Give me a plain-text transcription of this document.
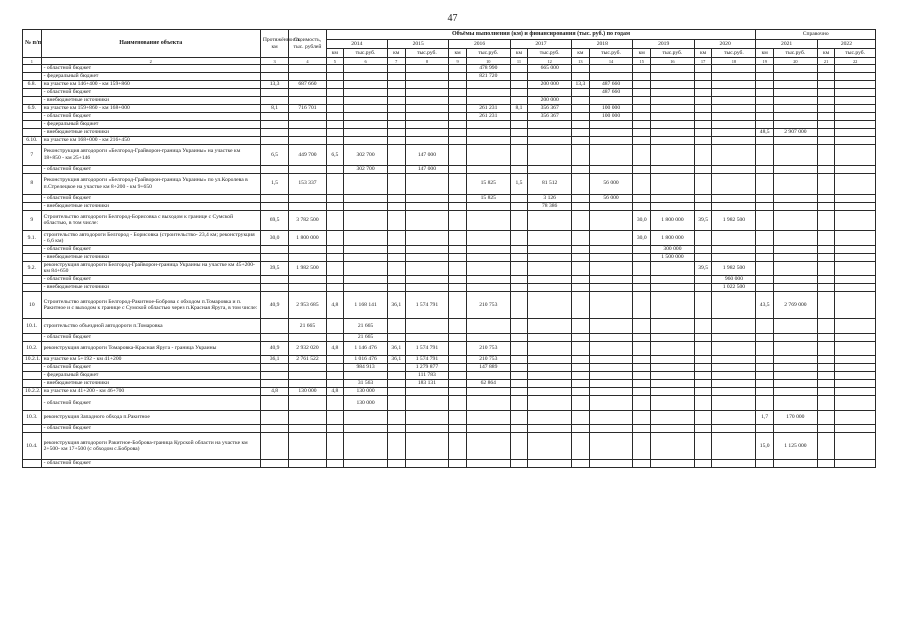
47
№ п/п	Наименование объекта	Протяжённость, км	Стоимость, тыс. рублей	Объёмы выполнения (км) и финансирования (тыс. руб.) по годам														Справочно			
				2014		2015		2016		2017		2018		2019		2020		2021		2022	
				км	тыс.руб.	км	тыс.руб.	км	тыс.руб.	км	тыс.руб.	км	тыс.руб.	км	тыс.руб.	км	тыс.руб.	км	тыс.руб.	км	тыс.руб.
1	2	3	4	5	6	7	8	9	10	11	12	13	14	15	16	17	18	19	20	21	22
	- областной бюджет								478 990		665 000										
	- федеральный бюджет								821 720												
6.8.	на участке км 146+400 - км 159+860	13,3	687 660								200 000	13,3	487 660								
	- областной бюджет												487 660								
	- внебюджетные источники										200 000										
6.9.	на участке км 159+860 - км 168+000	8,1	716 701						261 231	8,1	356 367		100 000								
	- областной бюджет								261 231		356 367		100 000								
	- федеральный бюджет																				
	- внебюджетные источники																	48,5	2 907 000		
6.10.	на участке км 168+000 - км 216+450																				
7	Реконструкция автодороги «Белгород-Грайворон-граница Украины» на участке км 18+850 - км 25+146	6,5	449 700	6,5	302 700		147 000														
	- областной бюджет				302 700		147 000														
8	Реконструкция автодороги «Белгород-Грайворон-граница Украины» по ул.Королева в п.Стрелецкое на участке км 8+200 - км 9+650	1,5	153 337						15 825	1,5	81 512		56 000								
	- областной бюджет								15 825		3 126		56 000								
	- внебюджетные источники										78 386										
9	Строительство автодороги Белгород-Борисовка с выходом к границе с Сумской областью, в том числе:	69,5	3 782 500											30,0	1 800 000	39,5	1 982 500				
9.1.	строительство автодороги Белгород - Борисовка (строительство- 23,4 км; реконструкция - 6,6 км)	30,0	1 800 000											30,0	1 800 000						
	- областной бюджет														300 000						
	- внебюджетные источники														1 500 000						
9.2.	реконструкция автодороги Белгород-Грайворон-граница Украины на участке км 45+200- км 84+650	39,5	1 982 500													39,5	1 982 500				
	- областной бюджет																960 000				
	- внебюджетные источники																1 022 500				
10	Строительство автодороги Белгород-Ракитное-Боброва с обходом п.Томаровка и п. Ракитное и с выходом к границе с Сумской областью через п.Красная Яруга, в том числе:	40,9	2 953 685	4,8	1 168 141	36,1	1 574 791		210 753									43,5	2 769 000		
10.1.	строительство объездной автодороги п.Томаровка		21 665		21 665																
	- областной бюджет				21 665																
10.2.	реконструкция автодороги Томаровка-Красная Яруга - граница Украины	40,9	2 932 020	4,8	1 146 476	36,1	1 574 791		210 753												
10.2.1.	на участке км 5+192 - км 41+200	36,1	2 761 522		1 016 476	36,1	1 574 791		210 753												
	- областной бюджет				984 913		1 279 877		147 889												
	- федеральный бюджет						111 783														
	- внебюджетные источники				31 563		183 131		62 864												
10.2.2.	на участке км 41+200 - км 46+700	4,8	130 000	4,8	130 000																
	- областной бюджет				130 000																
10.3.	реконструкция Западного обхода п.Ракитное																	1,7	170 000		
	- областной бюджет																				
10.4.	реконструкция автодороги Ракитное-Боброва-граница Курской области на участке км 2+500- км 17+500 (с обходом с.Боброва)																	15,0	1 125 000		
	- областной бюджет																				
